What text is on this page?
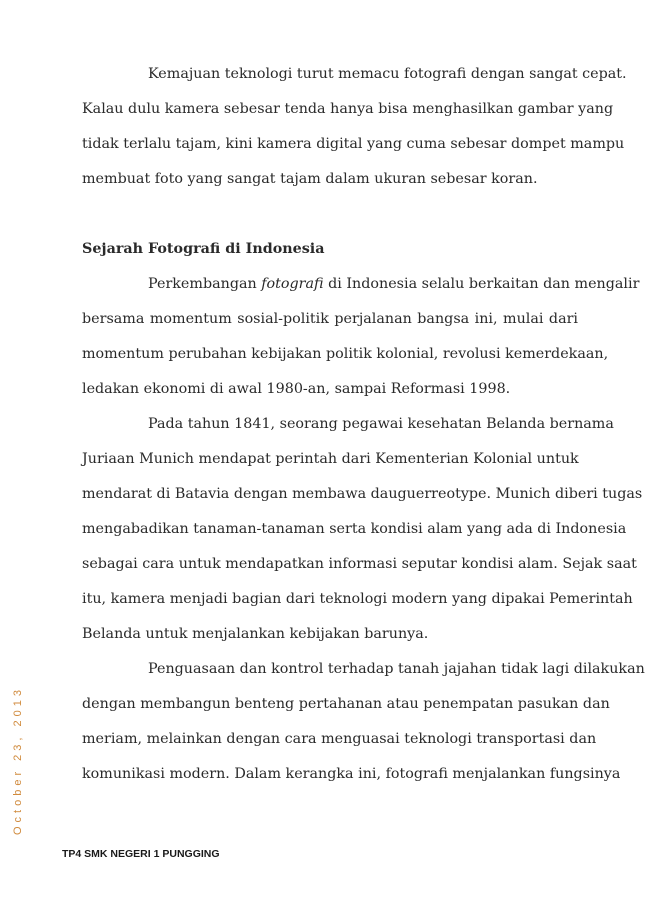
October 23, 2013

Kemajuan teknologi turut memacu fotografi dengan sangat cepat.
Kalau dulu kamera sebesar tenda hanya bisa menghasilkan gambar yang
tidak terlalu tajam, kini kamera digital yang cuma sebesar dompet mampu
membuat foto yang sangat tajam dalam ukuran sebesar koran.

Sejarah Fotografi di Indonesia

Perkembangan fotografi di Indonesia selalu berkaitan dan mengalir
bersama momentum sosial-politik perjalanan bangsa ini, mulai dari
momentum perubahan kebijakan politik kolonial, revolusi kemerdekaan,
ledakan ekonomi di awal 1980-an, sampai Reformasi 1998.

Pada tahun 1841, seorang pegawai kesehatan Belanda bernama
Juriaan Munich mendapat perintah dari Kementerian Kolonial untuk
mendarat di Batavia dengan membawa dauguerreotype. Munich diberi tugas
mengabadikan tanaman-tanaman serta kondisi alam yang ada di Indonesia
sebagai cara untuk mendapatkan informasi seputar kondisi alam. Sejak saat
itu, kamera menjadi bagian dari teknologi modern yang dipakai Pemerintah
Belanda untuk menjalankan kebijakan barunya.

Penguasaan dan kontrol terhadap tanah jajahan tidak lagi dilakukan
dengan membangun benteng pertahanan atau penempatan pasukan dan
meriam, melainkan dengan cara menguasai teknologi transportasi dan
komunikasi modern. Dalam kerangka ini, fotografi menjalankan fungsinya

TP4 SMK NEGERI 1 PUNGGING
